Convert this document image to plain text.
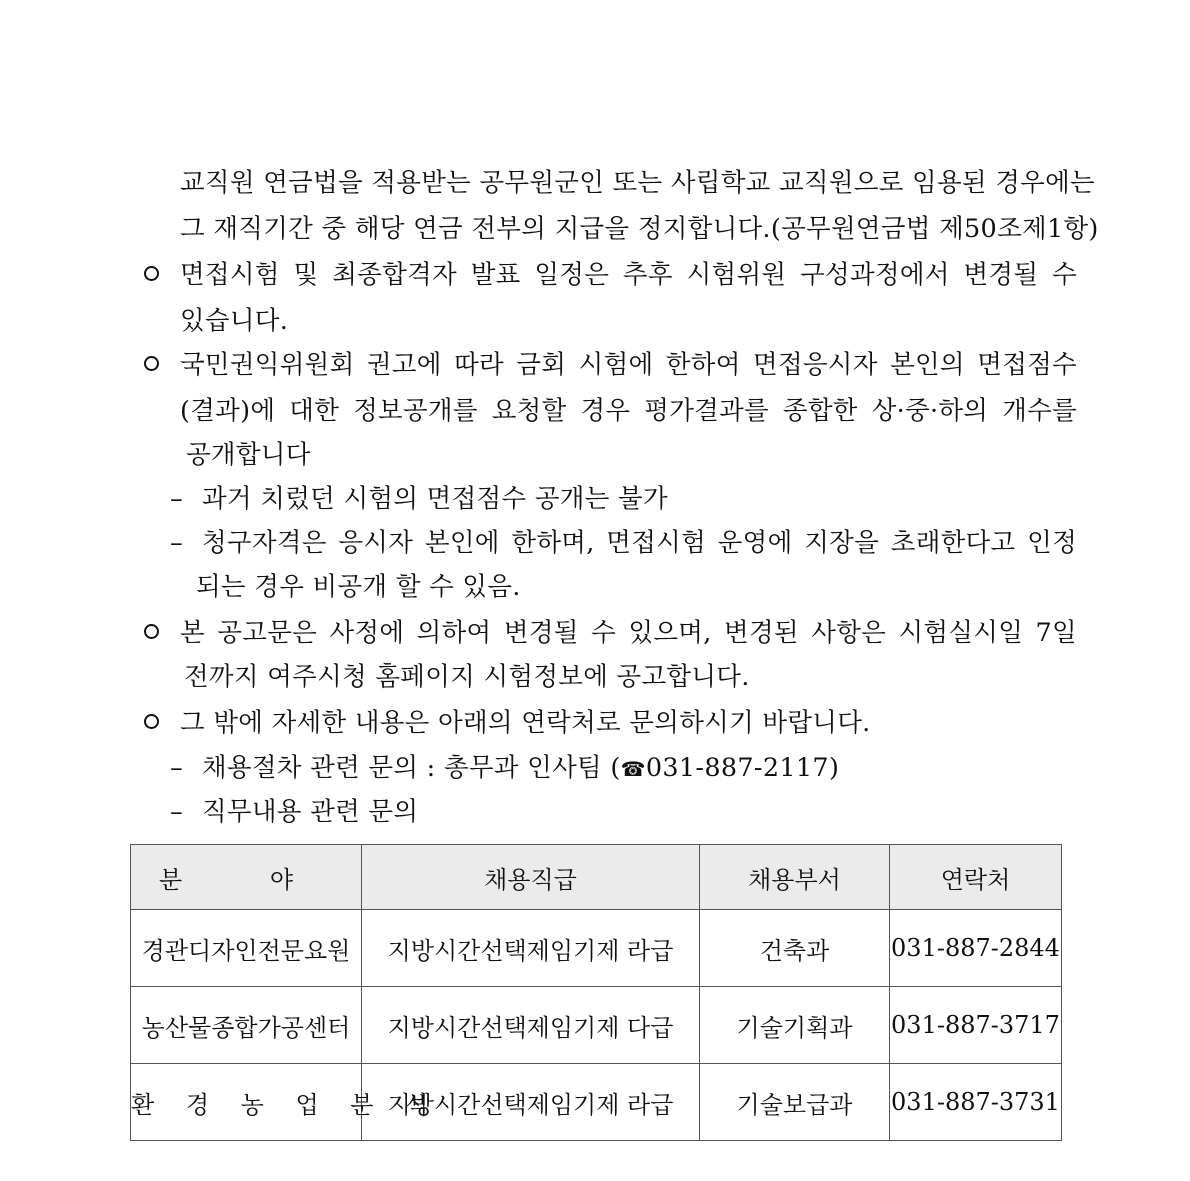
교직원 연금법을 적용받는 공무원군인 또는 사립학교 교직원으로 임용된 경우에는
그 재직기간 중 해당 연금 전부의 지급을 정지합니다.(공무원연금법 제50조제1항)
면접시험 및 최종합격자 발표 일정은 추후 시험위원 구성과정에서 변경될 수
있습니다.
국민권익위원회 권고에 따라 금회 시험에 한하여 면접응시자 본인의 면접점수
(결과)에 대한 정보공개를 요청할 경우 평가결과를 종합한 상·중·하의 개수를
공개합니다
– 과거 치렀던 시험의 면접점수 공개는 불가
– 청구자격은 응시자 본인에 한하며, 면접시험 운영에 지장을 초래한다고 인정
되는 경우 비공개 할 수 있음.
본 공고문은 사정에 의하여 변경될 수 있으며, 변경된 사항은 시험실시일 7일
전까지 여주시청 홈페이지 시험정보에 공고합니다.
그 밖에 자세한 내용은 아래의 연락처로 문의하시기 바랍니다.
– 채용절차 관련 문의 : 총무과 인사팀 (☎031-887-2117)
– 직무내용 관련 문의
분 야	채용직급	채용부서	연락처
경관디자인전문요원	지방시간선택제임기제 라급	건축과	031-887-2844
농산물종합가공센터	지방시간선택제임기제 다급	기술기획과	031-887-3717
환 경 농 업 분 석	지방시간선택제임기제 라급	기술보급과	031-887-3731
